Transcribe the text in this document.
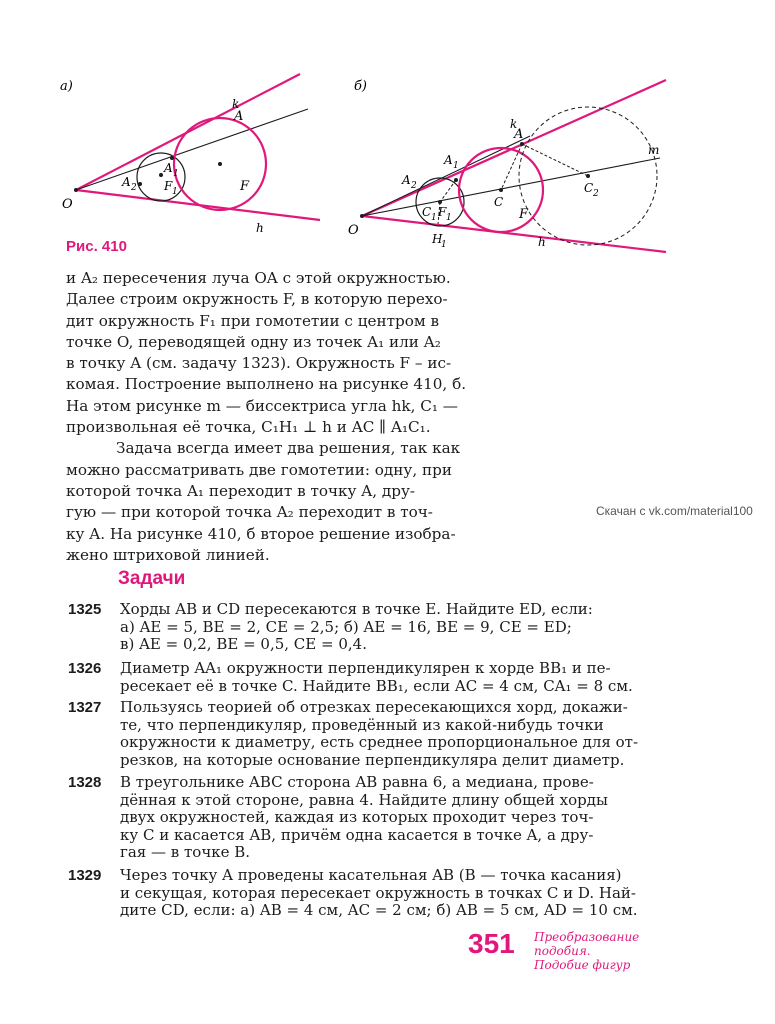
а)
O
A
k
h
F
A 1
A 2 F 1
б)
O
A
k
h
m
F
C
C 2
A 1
A 2
C 1 F 1
H
1
Рис. 410
и A₂ пересечения луча OA с этой окружностью.
Далее строим окружность F, в которую перехо-
дит окружность F₁ при гомотетии с центром в
точке O, переводящей одну из точек A₁ или A₂
в точку A (см. задачу 1323). Окружность F – ис-
комая. Построение выполнено на рисунке 410, б.
На этом рисунке m — биссектриса угла hk, C₁ —
произвольная её точка, C₁H₁ ⊥ h и AC ∥ A₁C₁.
Задача всегда имеет два решения, так как
можно рассматривать две гомотетии: одну, при
которой точка A₁ переходит в точку A, дру-
гую — при которой точка A₂ переходит в точ-
ку A. На рисунке 410, б второе решение изобра-
жено штриховой линией.
Скачан с vk.com/material100
Задачи
1325 Хорды AB и CD пересекаются в точке E. Найдите ED, если:
а) AE = 5, BE = 2, CE = 2,5; б) AE = 16, BE = 9, CE = ED;
в) AE = 0,2, BE = 0,5, CE = 0,4.
1326 Диаметр AA₁ окружности перпендикулярен к хорде BB₁ и пе-
ресекает её в точке C. Найдите BB₁, если AC = 4 см, CA₁ = 8 см.
1327 Пользуясь теорией об отрезках пересекающихся хорд, докажи-
те, что перпендикуляр, проведённый из какой-нибудь точки
окружности к диаметру, есть среднее пропорциональное для от-
резков, на которые основание перпендикуляра делит диаметр.
1328 В треугольнике ABC сторона AB равна 6, а медиана, прове-
дённая к этой стороне, равна 4. Найдите длину общей хорды
двух окружностей, каждая из которых проходит через точ-
ку C и касается AB, причём одна касается в точке A, а дру-
гая — в точке B.
1329 Через точку A проведены касательная AB (B — точка касания)
и секущая, которая пересекает окружность в точках C и D. Най-
дите CD, если: а) AB = 4 см, AC = 2 см; б) AB = 5 см, AD = 10 см.
351 Преобразование
подобия.
Подобие фигур
